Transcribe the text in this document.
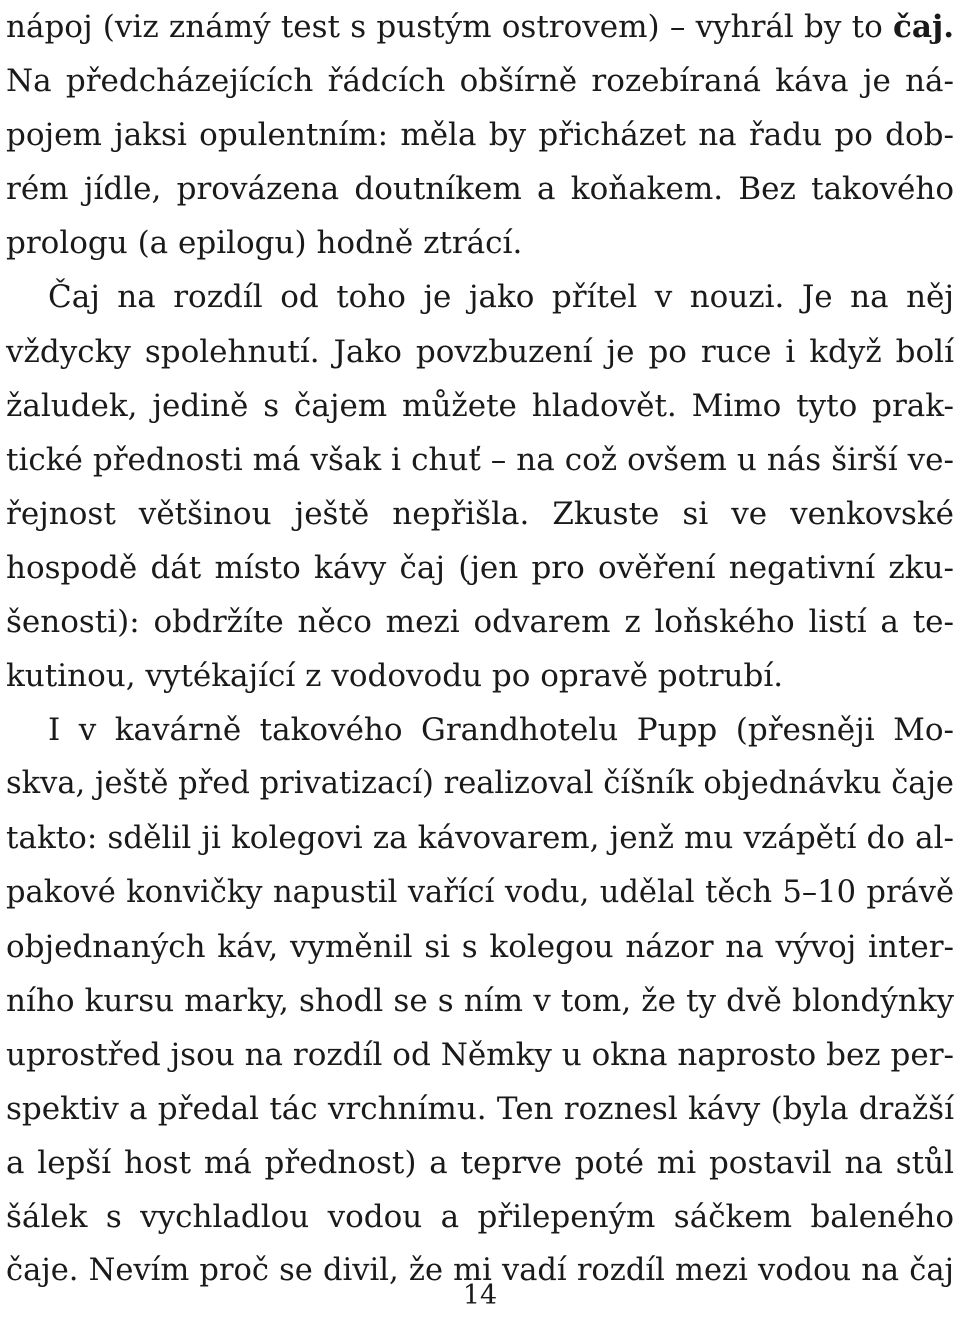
nápoj (viz známý test s pustým ostrovem) – vyhrál by to čaj.
Na předcházejících řádcích obšírně rozebíraná káva je ná-
pojem jaksi opulentním: měla by přicházet na řadu po dob-
rém jídle, provázena doutníkem a koňakem. Bez takového
prologu (a epilogu) hodně ztrácí.
Čaj na rozdíl od toho je jako přítel v nouzi. Je na něj
vždycky spolehnutí. Jako povzbuzení je po ruce i když bolí
žaludek, jedině s čajem můžete hladovět. Mimo tyto prak-
tické přednosti má však i chuť – na což ovšem u nás širší ve-
řejnost většinou ještě nepřišla. Zkuste si ve venkovské
hospodě dát místo kávy čaj (jen pro ověření negativní zku-
šenosti): obdržíte něco mezi odvarem z loňského listí a te-
kutinou, vytékající z vodovodu po opravě potrubí.
I v kavárně takového Grandhotelu Pupp (přesněji Mo-
skva, ještě před privatizací) realizoval číšník objednávku čaje
takto: sdělil ji kolegovi za kávovarem, jenž mu vzápětí do al-
pakové konvičky napustil vařící vodu, udělal těch 5–10 právě
objednaných káv, vyměnil si s kolegou názor na vývoj inter-
ního kursu marky, shodl se s ním v tom, že ty dvě blondýnky
uprostřed jsou na rozdíl od Němky u okna naprosto bez per-
spektiv a předal tác vrchnímu. Ten roznesl kávy (byla dražší
a lepší host má přednost) a teprve poté mi postavil na stůl
šálek s vychladlou vodou a přilepeným sáčkem baleného
čaje. Nevím proč se divil, že mi vadí rozdíl mezi vodou na čaj
14
